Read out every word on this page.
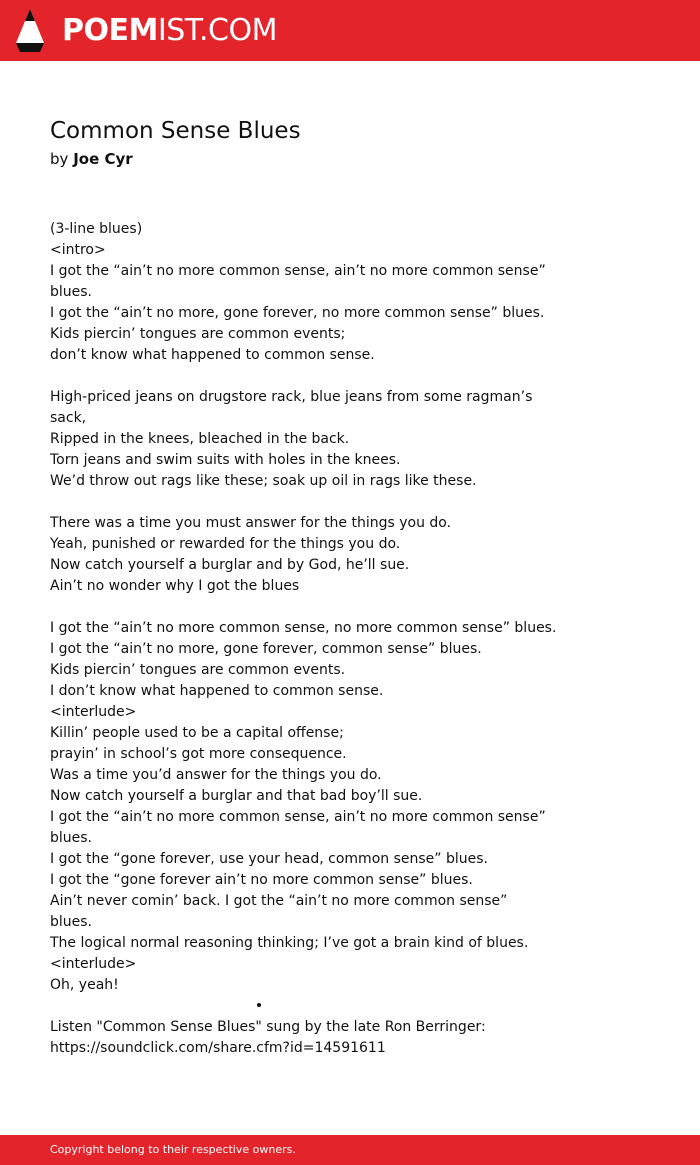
POEMIST.COM
Common Sense Blues
by Joe Cyr
(3-line blues)
<intro>
I got the “ain’t no more common sense, ain’t no more common sense”
blues.
I got the “ain’t no more, gone forever, no more common sense” blues.
Kids piercin’ tongues are common events;
don’t know what happened to common sense.
High-priced jeans on drugstore rack, blue jeans from some ragman’s
sack,
Ripped in the knees, bleached in the back.
Torn jeans and swim suits with holes in the knees.
We’d throw out rags like these; soak up oil in rags like these.
There was a time you must answer for the things you do.
Yeah, punished or rewarded for the things you do.
Now catch yourself a burglar and by God, he’ll sue.
Ain’t no wonder why I got the blues
I got the “ain’t no more common sense, no more common sense” blues.
I got the “ain’t no more, gone forever, common sense” blues.
Kids piercin’ tongues are common events.
I don’t know what happened to common sense.
<interlude>
Killin’ people used to be a capital offense;
prayin’ in school’s got more consequence.
Was a time you’d answer for the things you do.
Now catch yourself a burglar and that bad boy’ll sue.
I got the “ain’t no more common sense, ain’t no more common sense”
blues.
I got the “gone forever, use your head, common sense” blues.
I got the “gone forever ain’t no more common sense” blues.
Ain’t never comin’ back. I got the “ain’t no more common sense”
blues.
The logical normal reasoning thinking; I’ve got a brain kind of blues.
<interlude>
Oh, yeah!
Listen "Common Sense Blues" sung by the late Ron Berringer:
https://soundclick.com/share.cfm?id=14591611
Copyright belong to their respective owners.
